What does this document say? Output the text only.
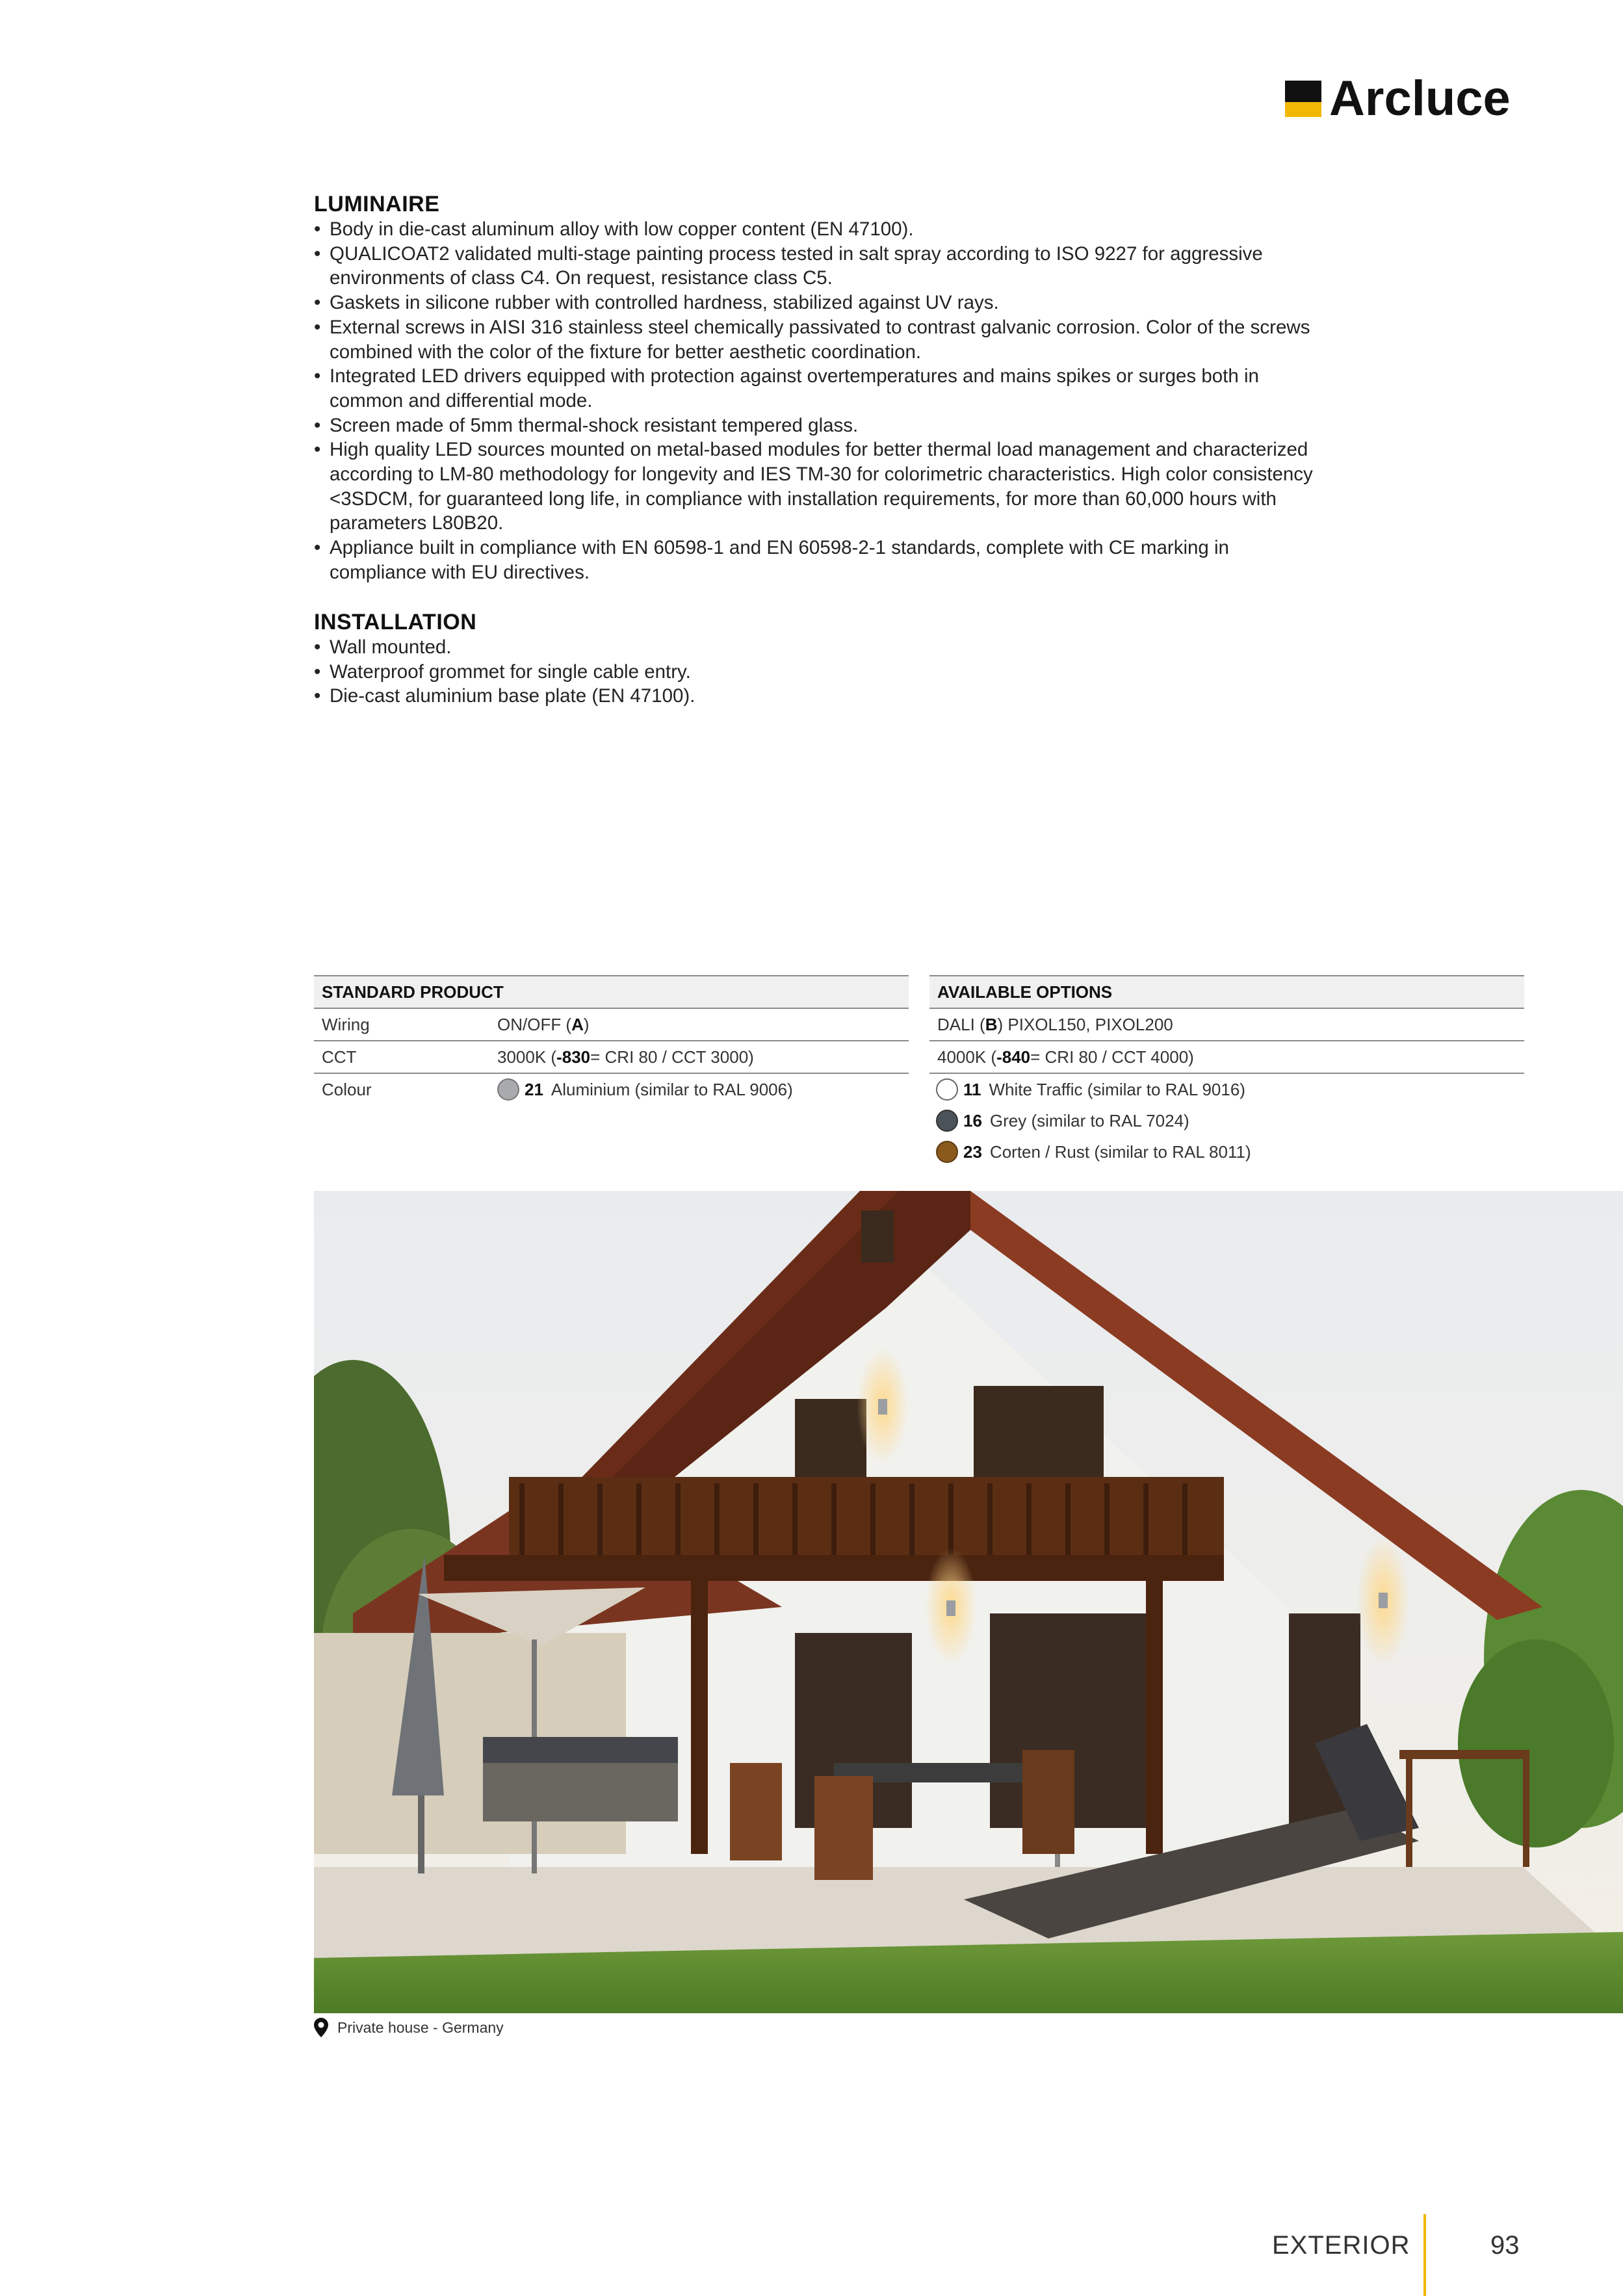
Arcluce
LUMINAIRE
• Body in die-cast aluminum alloy with low copper content (EN 47100).
• QUALICOAT2 validated multi-stage painting process tested in salt spray according to ISO 9227 for aggressive environments of class C4. On request, resistance class C5.
• Gaskets in silicone rubber with controlled hardness, stabilized against UV rays.
• External screws in AISI 316 stainless steel chemically passivated to contrast galvanic corrosion. Color of the screws combined with the color of the fixture for better aesthetic coordination.
• Integrated LED drivers equipped with protection against overtemperatures and mains spikes or surges both in common and differential mode.
• Screen made of 5mm thermal-shock resistant tempered glass.
• High quality LED sources mounted on metal-based modules for better thermal load management and characterized according to LM-80 methodology for longevity and IES TM-30 for colorimetric characteristics. High color consistency <3SDCM, for guaranteed long life, in compliance with installation requirements, for more than 60,000 hours with parameters L80B20.
• Appliance built in compliance with EN 60598-1 and EN 60598-2-1 standards, complete with CE marking in compliance with EU directives.
INSTALLATION
• Wall mounted.
• Waterproof grommet for single cable entry.
• Die-cast aluminium base plate (EN 47100).
STANDARD PRODUCT
Wiring	ON/OFF ( A )
CCT	3000K ( -830 = CRI 80 / CCT 3000)
Colour	21 Aluminium (similar to RAL 9006)
AVAILABLE OPTIONS
DALI ( B ) PIXOL150, PIXOL200
4000K ( -840 = CRI 80 / CCT 4000)
11 White Traffic (similar to RAL 9016)
16 Grey (similar to RAL 7024)
23 Corten / Rust (similar to RAL 8011)
Private house - Germany
EXTERIOR	93
